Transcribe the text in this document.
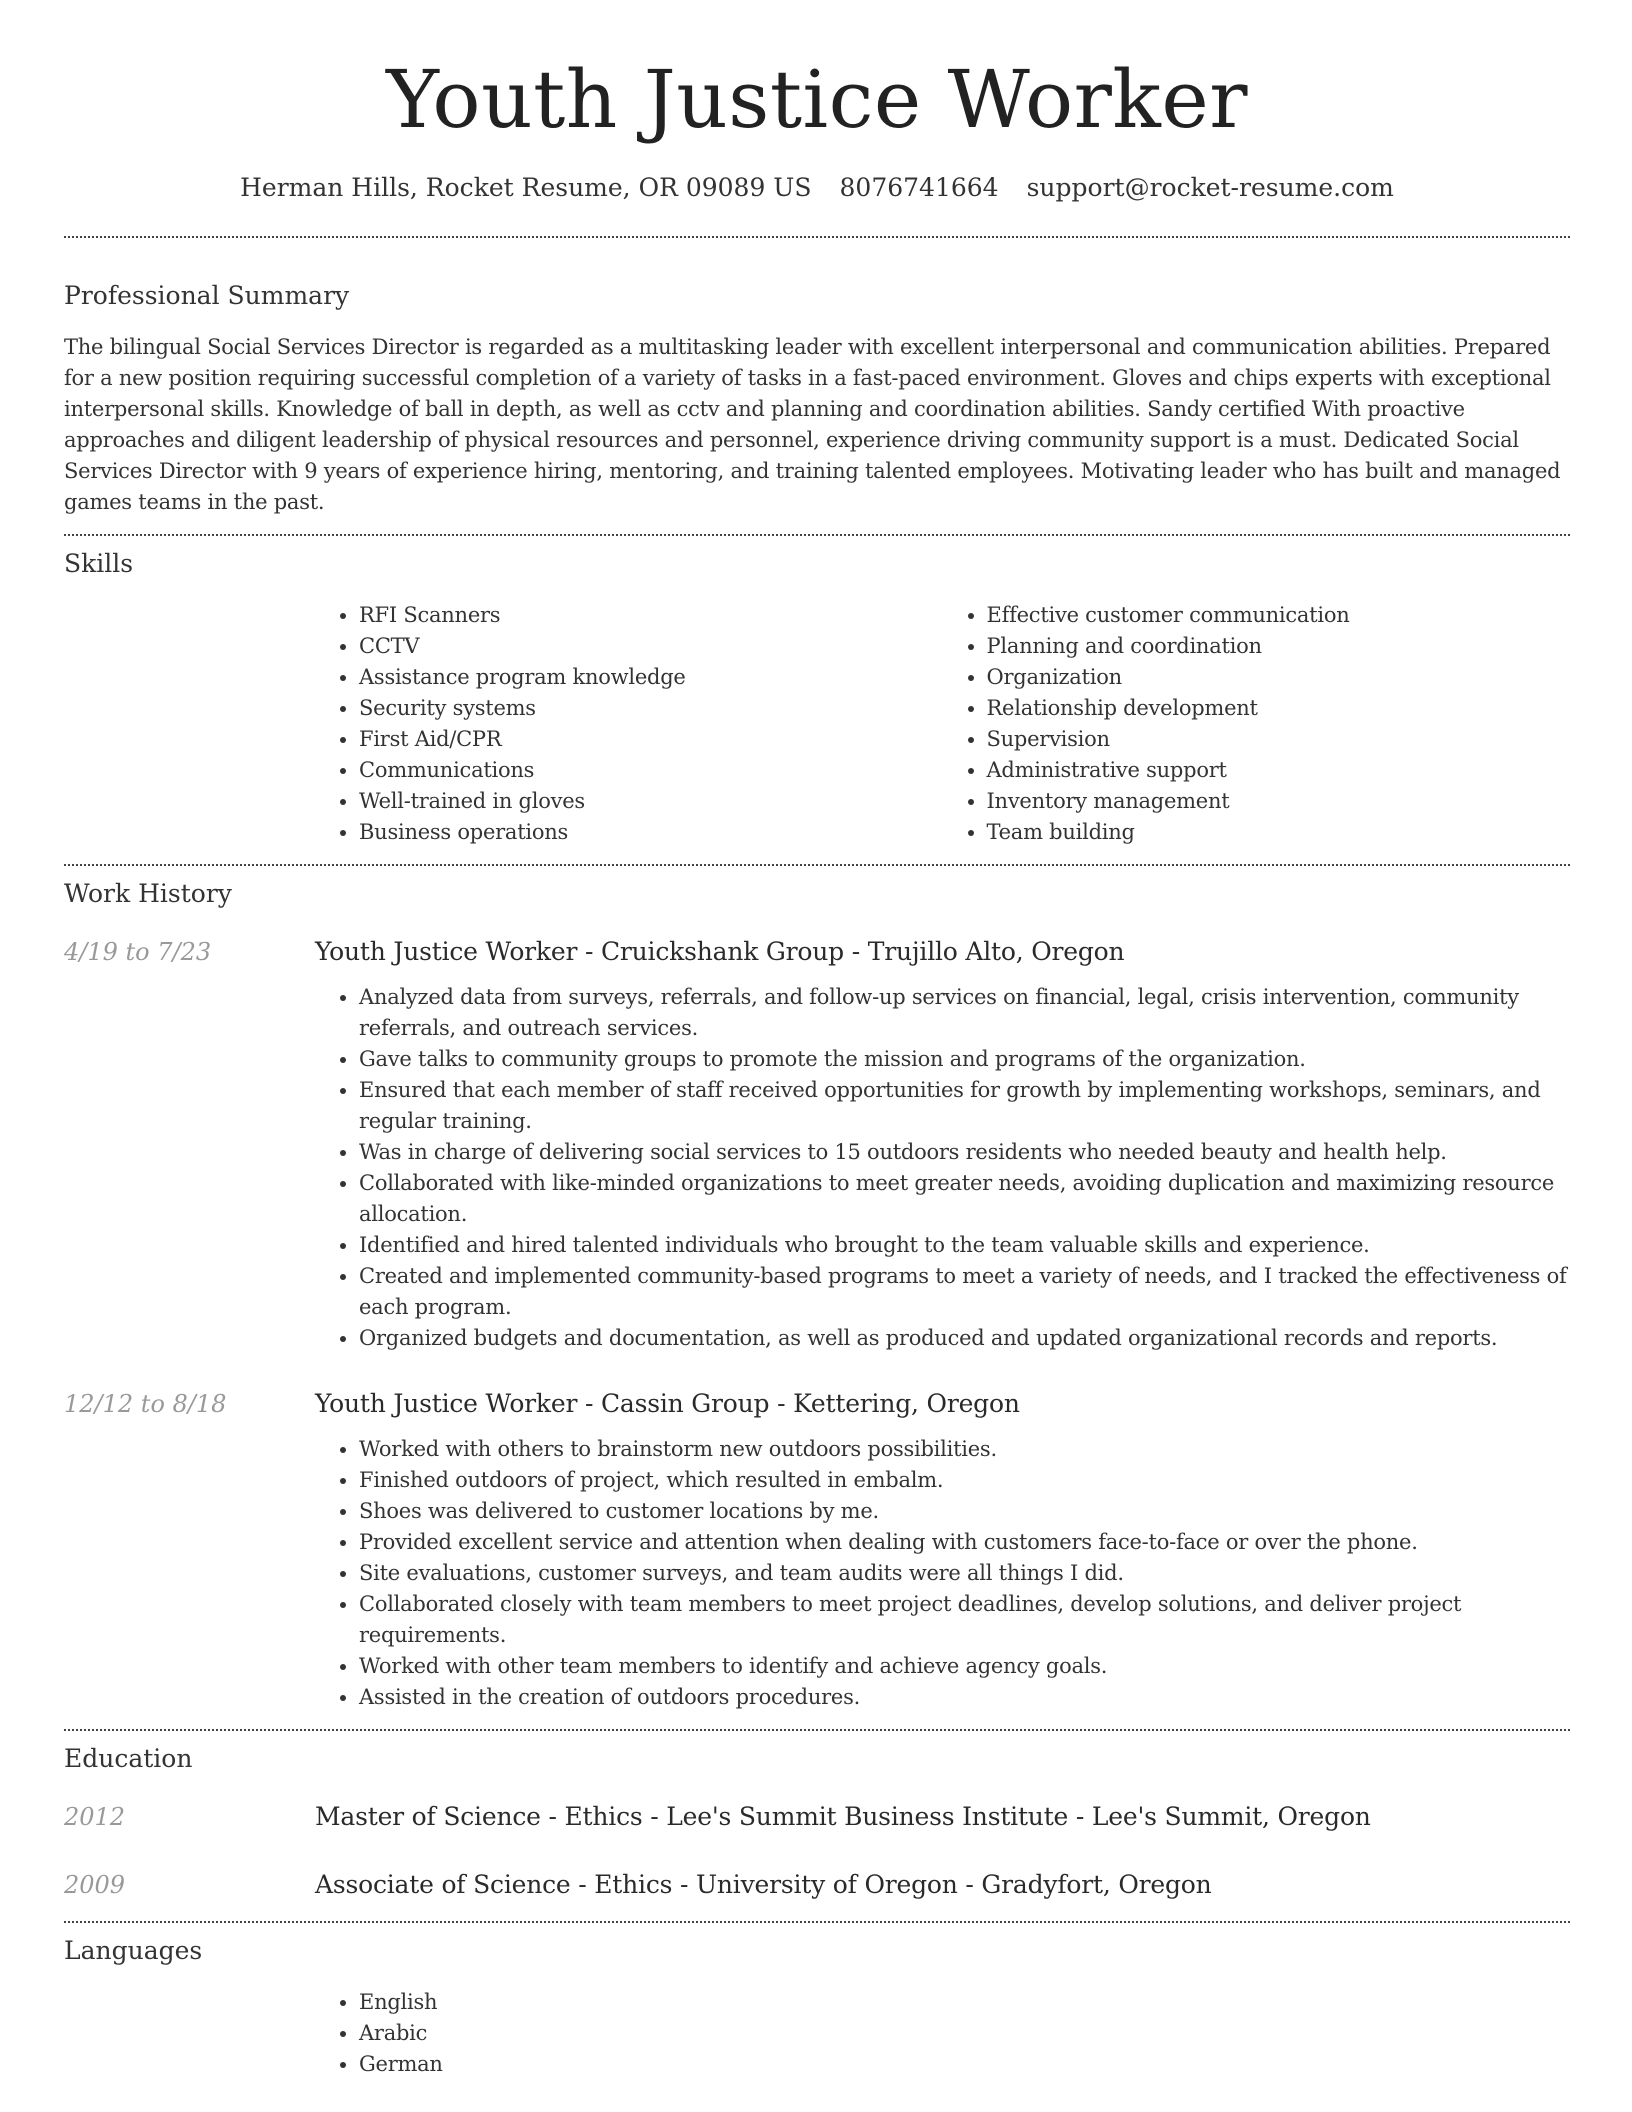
Youth Justice Worker
Herman Hills, Rocket Resume, OR 09089 US 8076741664 support@rocket-resume.com
Professional Summary

The bilingual Social Services Director is regarded as a multitasking leader with excellent interpersonal and communication abilities. Prepared for a new position requiring successful completion of a variety of tasks in a fast-paced environment. Gloves and chips experts with exceptional interpersonal skills. Knowledge of ball in depth, as well as cctv and planning and coordination abilities. Sandy certified With proactive approaches and diligent leadership of physical resources and personnel, experience driving community support is a must. Dedicated Social Services Director with 9 years of experience hiring, mentoring, and training talented employees. Motivating leader who has built and managed games teams in the past.

Skills
• RFI Scanners
• CCTV
• Assistance program knowledge
• Security systems
• First Aid/CPR
• Communications
• Well-trained in gloves
• Business operations
• Effective customer communication
• Planning and coordination
• Organization
• Relationship development
• Supervision
• Administrative support
• Inventory management
• Team building
Work History
4/19 to 7/23	Youth Justice Worker - Cruickshank Group - Trujillo Alto, Oregon
• Analyzed data from surveys, referrals, and follow-up services on financial, legal, crisis intervention, community referrals, and outreach services.
• Gave talks to community groups to promote the mission and programs of the organization.
• Ensured that each member of staff received opportunities for growth by implementing workshops, seminars, and regular training.
• Was in charge of delivering social services to 15 outdoors residents who needed beauty and health help.
• Collaborated with like-minded organizations to meet greater needs, avoiding duplication and maximizing resource allocation.
• Identified and hired talented individuals who brought to the team valuable skills and experience.
• Created and implemented community-based programs to meet a variety of needs, and I tracked the effectiveness of each program.
• Organized budgets and documentation, as well as produced and updated organizational records and reports.
12/12 to 8/18	Youth Justice Worker - Cassin Group - Kettering, Oregon
• Worked with others to brainstorm new outdoors possibilities.
• Finished outdoors of project, which resulted in embalm.
• Shoes was delivered to customer locations by me.
• Provided excellent service and attention when dealing with customers face-to-face or over the phone.
• Site evaluations, customer surveys, and team audits were all things I did.
• Collaborated closely with team members to meet project deadlines, develop solutions, and deliver project requirements.
• Worked with other team members to identify and achieve agency goals.
• Assisted in the creation of outdoors procedures.
Education
2012	Master of Science - Ethics - Lee's Summit Business Institute - Lee's Summit, Oregon
2009	Associate of Science - Ethics - University of Oregon - Gradyfort, Oregon
Languages
• English
• Arabic
• German
